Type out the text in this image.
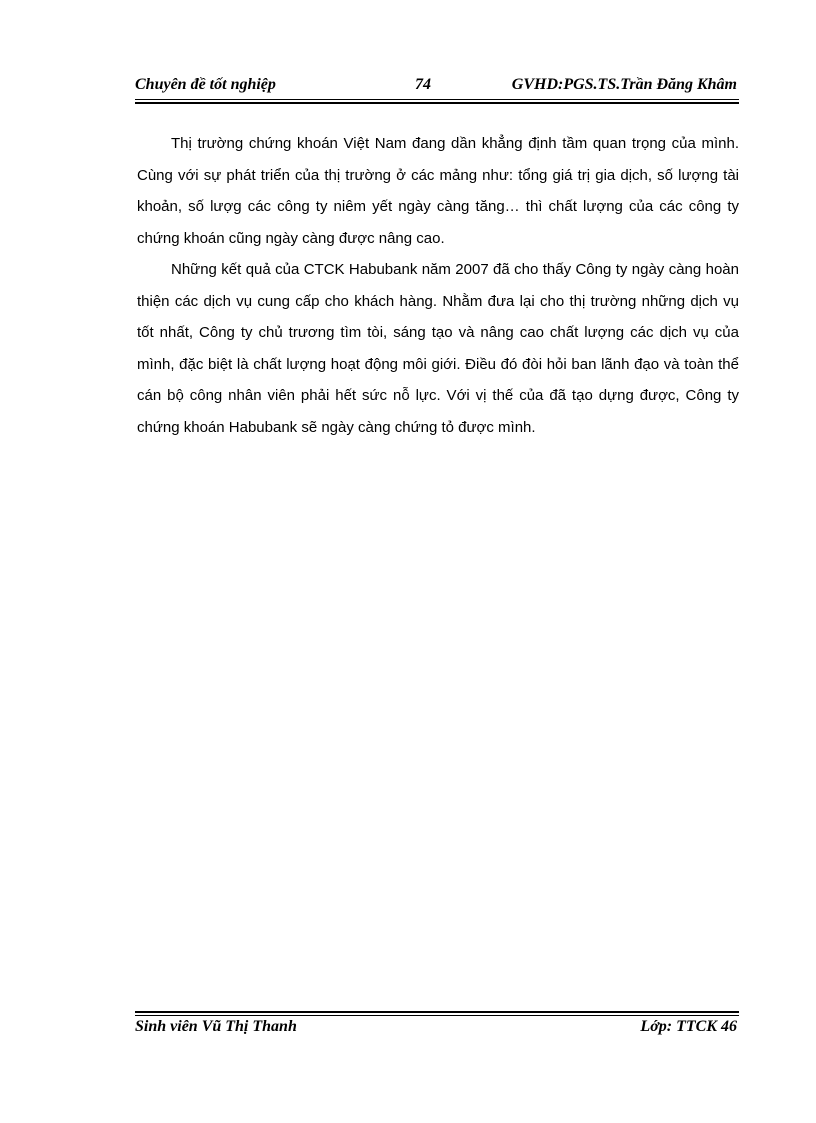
Chuyên đề tốt nghiệp	74	GVHD:PGS.TS.Trần Đăng Khâm

Thị trường chứng khoán Việt Nam đang dần khẳng định tầm quan trọng của mình. Cùng với sự phát triển của thị trường ở các mảng như: tổng giá trị gia dịch, số lượng tài khoản, số lượg các công ty niêm yết ngày càng tăng… thì chất lượng của các công ty chứng khoán cũng ngày càng được nâng cao.

Những kết quả của CTCK Habubank năm 2007 đã cho thấy Công ty ngày càng hoàn thiện các dịch vụ cung cấp cho khách hàng. Nhằm đưa lại cho thị trường những dịch vụ tốt nhất, Công ty chủ trương tìm tòi, sáng tạo và nâng cao chất lượng các dịch vụ của mình, đặc biệt là chất lượng hoạt động môi giới. Điều đó đòi hỏi ban lãnh đạo và toàn thể cán bộ công nhân viên phải hết sức nỗ lực. Với vị thế của đã tạo dựng được, Công ty chứng khoán Habubank sẽ ngày càng chứng tỏ được mình.

Sinh viên Vũ Thị Thanh	Lớp: TTCK 46
